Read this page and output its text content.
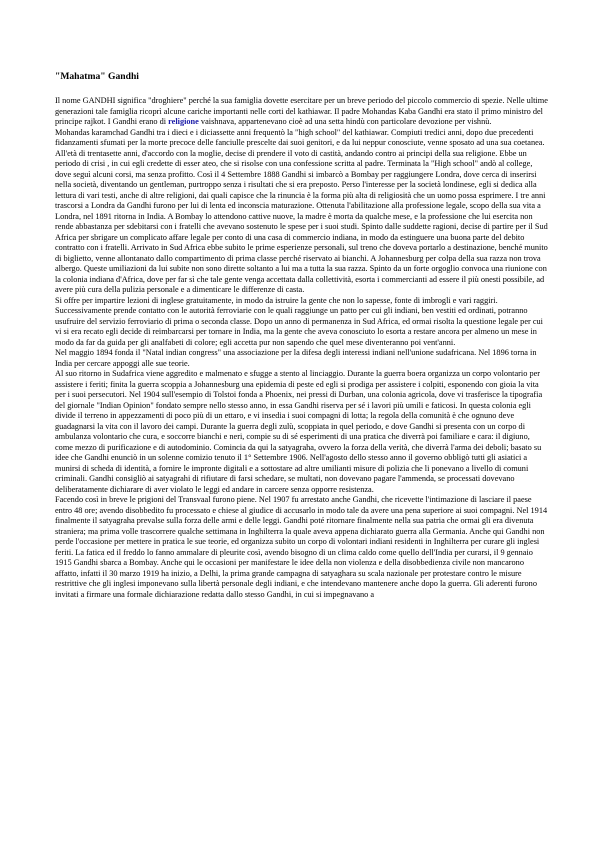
"Mahatma" Gandhi

Il nome GANDHI significa "droghiere" perché la sua famiglia dovette esercitare per un breve periodo del piccolo commercio di spezie. Nelle ultime generazioni tale famiglia ricoprì alcune cariche importanti nelle corti del kathiawar. Il padre Mohandas Kaba Gandhi era stato il primo ministro del principe rajkot. I Gandhi erano di religione vaishnava, appartenevano cioè ad una setta hindù con particolare devozione per vishnù.

Mohandas karamchad Gandhi tra i dieci e i diciassette anni frequentò la "high school" del kathiawar. Compiuti tredici anni, dopo due precedenti fidanzamenti sfumati per la morte precoce delle fanciulle prescelte dai suoi genitori, e da lui neppur conosciute, venne sposato ad una sua coetanea. All'età di trentasette anni, d'accordo con la moglie, decise di prendere il voto di castità, andando contro ai principi della sua religione. Ebbe un periodo di crisi , in cui egli credette di esser ateo, che si risolse con una confessione scritta al padre. Terminata la "High school" andò al college, dove seguì alcuni corsi, ma senza profitto. Così il 4 Settembre 1888 Gandhi si imbarcò a Bombay per raggiungere Londra, dove cerca di inserirsi nella società, diventando un gentleman, purtroppo senza i risultati che si era preposto. Perso l'interesse per la società londinese, egli si dedica alla lettura di vari testi, anche di altre religioni, dai quali capisce che la rinuncia è la forma più alta di religiosità che un uomo possa esprimere. I tre anni trascorsi a Londra da Gandhi furono per lui di lenta ed inconscia maturazione. Ottenuta l'abilitazione alla professione legale, scopo della sua vita a Londra, nel 1891 ritorna in India. A Bombay lo attendono cattive nuove, la madre è morta da qualche mese, e la professione che lui esercita non rende abbastanza per sdebitarsi con i fratelli che avevano sostenuto le spese per i suoi studi. Spinto dalle suddette ragioni, decise di partire per il Sud Africa per sbrigare un complicato affare legale per conto di una casa di commercio indiana, in modo da estinguere una buona parte del debito contratto con i fratelli. Arrivato in Sud Africa ebbe subito le prime esperienze personali, sul treno che doveva portarlo a destinazione, benché munito di biglietto, venne allontanato dallo compartimento di prima classe perché riservato ai bianchi. A Johannesburg per colpa della sua razza non trova albergo. Queste umiliazioni da lui subite non sono dirette soltanto a lui ma a tutta la sua razza. Spinto da un forte orgoglio convoca una riunione con la colonia indiana d'Africa, dove per far sì che tale gente venga accettata dalla collettività, esorta i commercianti ad essere il più onesti possibile, ad avere più cura della pulizia personale e a dimenticare le differenze di casta.

Si offre per impartire lezioni di inglese gratuitamente, in modo da istruire la gente che non lo sapesse, fonte di imbrogli e vari raggiri. Successivamente prende contatto con le autorità ferroviarie con le quali raggiunge un patto per cui gli indiani, ben vestiti ed ordinati, potranno usufruire del servizio ferroviario di prima o seconda classe. Dopo un anno di permanenza in Sud Africa, ed ormai risolta la questione legale per cui vi si era recato egli decide di reimbarcarsi per tornare in India, ma la gente che aveva conosciuto lo esorta a restare ancora per almeno un mese in modo da far da guida per gli analfabeti di colore; egli accetta pur non sapendo che quel mese diventeranno poi vent'anni.

Nel maggio 1894 fonda il "Natal indian congress" una associazione per la difesa degli interessi indiani nell'unione sudafricana. Nel 1896 torna in India per cercare appoggi alle sue teorie.

Al suo ritorno in Sudafrica viene aggredito e malmenato e sfugge a stento al linciaggio. Durante la guerra boera organizza un corpo volontario per assistere i feriti; finita la guerra scoppia a Johannesburg una epidemia di peste ed egli si prodiga per assistere i colpiti, esponendo con gioia la vita per i suoi persecutori. Nel 1904 sull'esempio di Tolstoi fonda a Phoenix, nei pressi di Durban, una colonia agricola, dove vi trasferisce la tipografia del giornale "Indian Opinion" fondato sempre nello stesso anno, in essa Gandhi riserva per sé i lavori più umili e faticosi. In questa colonia egli divide il terreno in appezzamenti di poco più di un ettaro, e vi insedia i suoi compagni di lotta; la regola della comunità è che ognuno deve guadagnarsi la vita con il lavoro dei campi. Durante la guerra degli zulù, scoppiata in quel periodo, e dove Gandhi si presenta con un corpo di ambulanza volontario che cura, e soccorre bianchi e neri, compie su di sé esperimenti di una pratica che diverrà poi familiare e cara: il digiuno, come mezzo di purificazione e di autodominio. Comincia da qui la satyagraha, ovvero la forza della verità, che diverrà l'arma dei deboli; basato su idee che Gandhi enunciò in un solenne comizio tenuto il 1° Settembre 1906. Nell'agosto dello stesso anno il governo obbligò tutti gli asiatici a munirsi di scheda di identità, a fornire le impronte digitali e a sottostare ad altre umilianti misure di polizia che li ponevano a livello di comuni criminali. Gandhi consigliò ai satyagrahi di rifiutare di farsi schedare, se multati, non dovevano pagare l'ammenda, se processati dovevano deliberatamente dichiarare di aver violato le leggi ed andare in carcere senza opporre resistenza.

Facendo così in breve le prigioni del Transvaal furono piene. Nel 1907 fu arrestato anche Gandhi, che ricevette l'intimazione di lasciare il paese entro 48 ore; avendo disobbedito fu processato e chiese al giudice di accusarlo in modo tale da avere una pena superiore ai suoi compagni. Nel 1914 finalmente il satyagraha prevalse sulla forza delle armi e delle leggi. Gandhi poté ritornare finalmente nella sua patria che ormai gli era divenuta straniera; ma prima volle trascorrere qualche settimana in Inghilterra la quale aveva appena dichiarato guerra alla Germania. Anche qui Gandhi non perde l'occasione per mettere in pratica le sue teorie, ed organizza subito un corpo di volontari indiani residenti in Inghilterra per curare gli inglesi feriti. La fatica ed il freddo lo fanno ammalare di pleurite così, avendo bisogno di un clima caldo come quello dell'India per curarsi, il 9 gennaio 1915 Gandhi sbarca a Bombay. Anche qui le occasioni per manifestare le idee della non violenza e della disobbedienza civile non mancarono affatto, infatti il 30 marzo 1919 ha inizio, a Delhi, la prima grande campagna di satyaghara su scala nazionale per protestare contro le misure restrittive che gli inglesi imponevano sulla libertà personale degli indiani, e che intendevano mantenere anche dopo la guerra. Gli aderenti furono invitati a firmare una formale dichiarazione redatta dallo stesso Gandhi, in cui si impegnavano a
